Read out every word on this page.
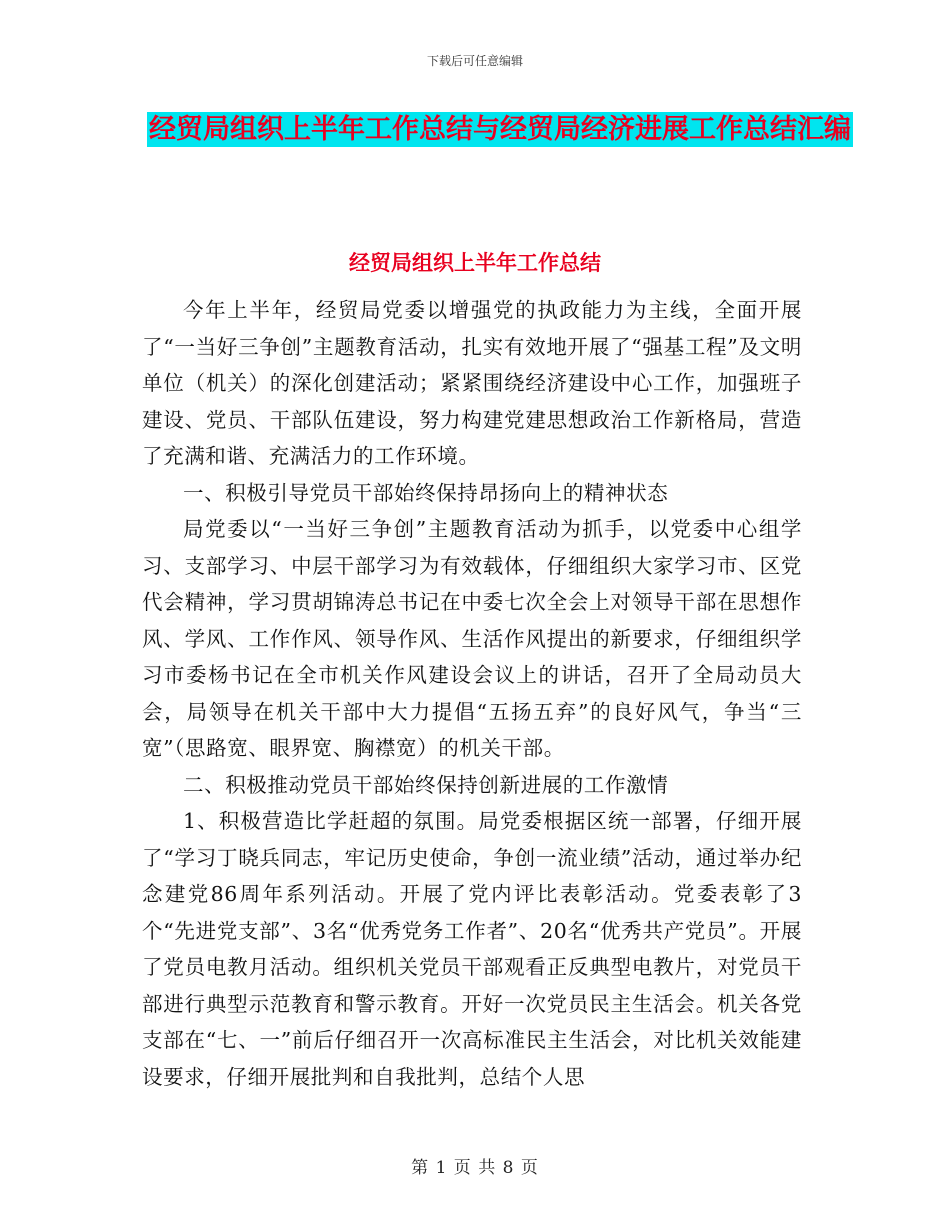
下载后可任意编辑
经贸局组织上半年工作总结与经贸局经济进展工作总结汇编
经贸局组织上半年工作总结

今年上半年，经贸局党委以增强党的执政能力为主线，全面开展了“一当好三争创”主题教育活动，扎实有效地开展了“强基工程”及文明单位（机关）的深化创建活动；紧紧围绕经济建设中心工作，加强班子建设、党员、干部队伍建设，努力构建党建思想政治工作新格局，营造了充满和谐、充满活力的工作环境。

一、积极引导党员干部始终保持昂扬向上的精神状态

局党委以“一当好三争创”主题教育活动为抓手，以党委中心组学习、支部学习、中层干部学习为有效载体，仔细组织大家学习市、区党代会精神，学习贯胡锦涛总书记在中委七次全会上对领导干部在思想作风、学风、工作作风、领导作风、生活作风提出的新要求，仔细组织学习市委杨书记在全市机关作风建设会议上的讲话，召开了全局动员大会，局领导在机关干部中大力提倡“五扬五弃”的良好风气，争当“三宽”（思路宽、眼界宽、胸襟宽）的机关干部。

二、积极推动党员干部始终保持创新进展的工作激情

1、积极营造比学赶超的氛围。局党委根据区统一部署，仔细开展了“学习丁晓兵同志，牢记历史使命，争创一流业绩”活动，通过举办纪念建党86周年系列活动。开展了党内评比表彰活动。党委表彰了3个“先进党支部”、3名“优秀党务工作者”、20名“优秀共产党员”。开展了党员电教月活动。组织机关党员干部观看正反典型电教片，对党员干部进行典型示范教育和警示教育。开好一次党员民主生活会。机关各党支部在“七、一”前后仔细召开一次高标准民主生活会，对比机关效能建设要求，仔细开展批判和自我批判，总结个人思

第 1 页 共 8 页
